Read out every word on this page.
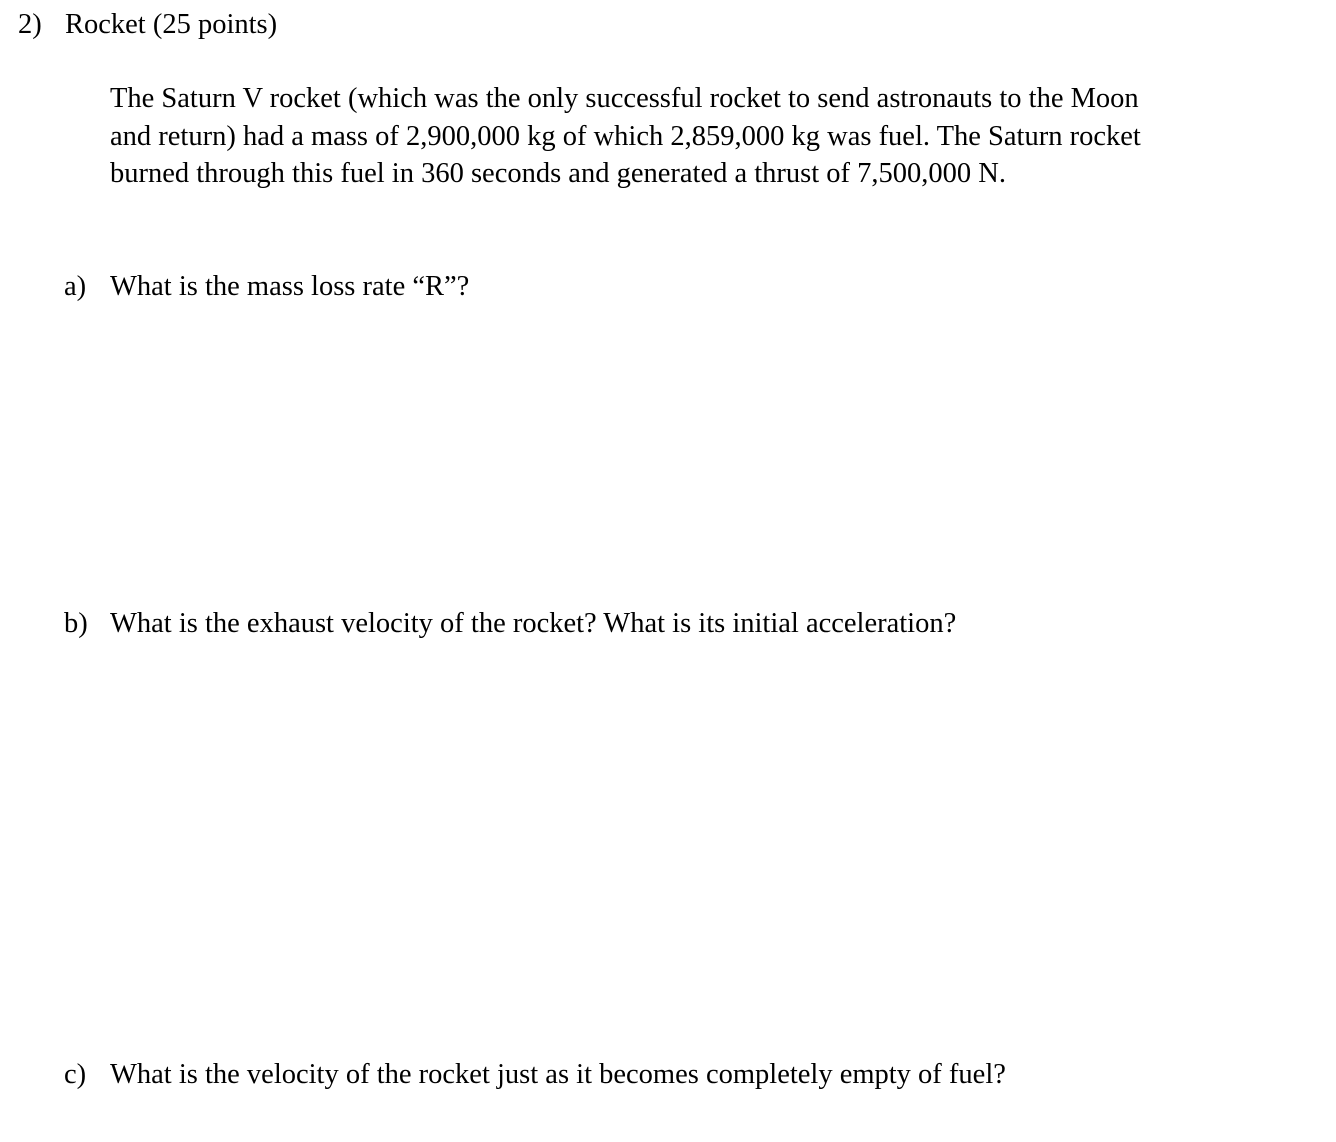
2) Rocket (25 points)
The Saturn V rocket (which was the only successful rocket to send astronauts to the Moon
and return) had a mass of 2,900,000 kg of which 2,859,000 kg was fuel. The Saturn rocket
burned through this fuel in 360 seconds and generated a thrust of 7,500,000 N.
a) What is the mass loss rate “R”?
b) What is the exhaust velocity of the rocket? What is its initial acceleration?
c) What is the velocity of the rocket just as it becomes completely empty of fuel?
